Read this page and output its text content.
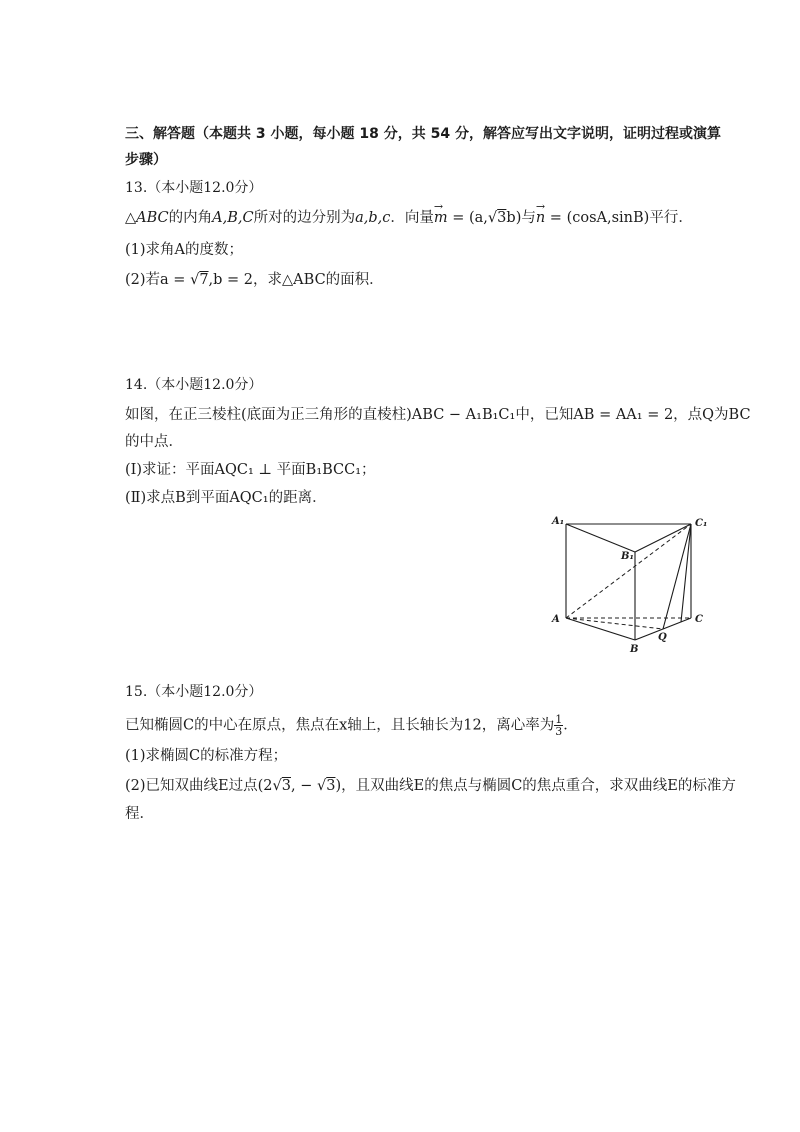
三、解答题（本题共 3 小题，每小题 18 分，共 54 分，解答应写出文字说明，证明过程或演算
步骤）
13.（本小题12.0分）
△ABC的内角A,B,C所对的边分别为a,b,c．向量→ m = (a,√3b)与→ n = (cosA,sinB)平行．
(1)求角A的度数；
(2)若a = √7,b = 2，求△ABC的面积．
14.（本小题12.0分）
如图，在正三棱柱(底面为正三角形的直棱柱)ABC − A₁B₁C₁中，已知AB = AA₁ = 2，点Q为BC
的中点．
(Ⅰ)求证：平面AQC₁ ⊥ 平面B₁BCC₁；
(Ⅱ)求点B到平面AQC₁的距离．
A₁
B₁
C₁
A
B
C
Q
15.（本小题12.0分）
已知椭圆C的中心在原点，焦点在x轴上，且长轴长为12，离心率为 $\frac{1}{3}$ ．
(1)求椭圆C的标准方程；
(2)已知双曲线E过点(2√3, − √3)，且双曲线E的焦点与椭圆C的焦点重合，求双曲线E的标准方
程．
